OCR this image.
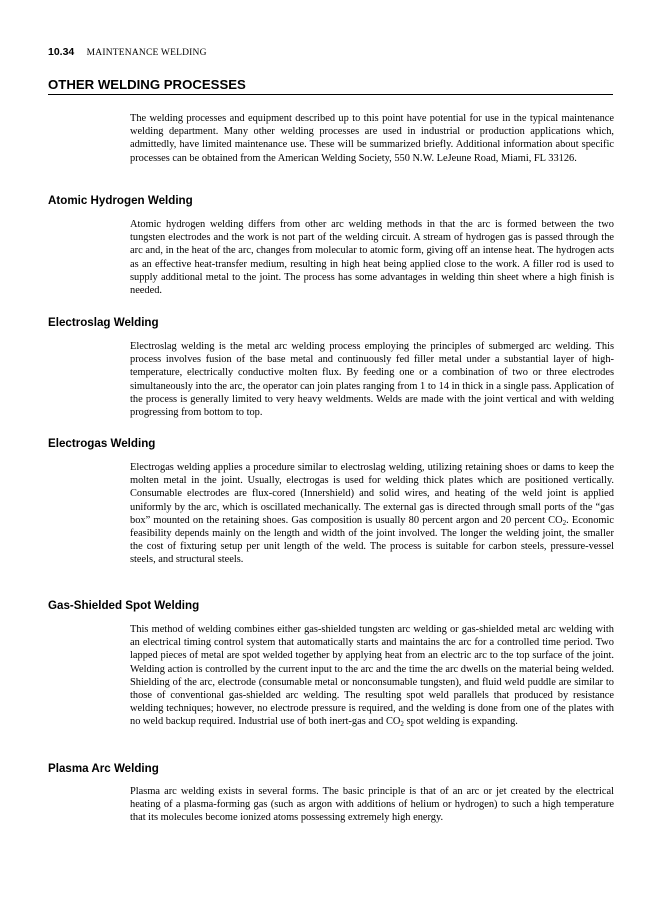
10.34 MAINTENANCE WELDING
OTHER WELDING PROCESSES

The welding processes and equipment described up to this point have potential for use in the typical maintenance welding department. Many other welding processes are used in industrial or production applications which, admittedly, have limited maintenance use. These will be summarized briefly. Additional information about specific processes can be obtained from the American Welding Society, 550 N.W. LeJeune Road, Miami, FL 33126.

Atomic Hydrogen Welding

Atomic hydrogen welding differs from other arc welding methods in that the arc is formed between the two tungsten electrodes and the work is not part of the welding circuit. A stream of hydrogen gas is passed through the arc and, in the heat of the arc, changes from molecular to atomic form, giving off an intense heat. The hydrogen acts as an effective heat-transfer medium, resulting in high heat being applied close to the work. A filler rod is used to supply additional metal to the joint. The process has some advantages in welding thin sheet where a high finish is needed.

Electroslag Welding

Electroslag welding is the metal arc welding process employing the principles of submerged arc welding. This process involves fusion of the base metal and continuously fed filler metal under a substantial layer of high-temperature, electrically conductive molten flux. By feeding one or a combination of two or three electrodes simultaneously into the arc, the operator can join plates ranging from 1 to 14 in thick in a single pass. Application of the process is generally limited to very heavy weldments. Welds are made with the joint vertical and with welding progressing from bottom to top.

Electrogas Welding

Electrogas welding applies a procedure similar to electroslag welding, utilizing retaining shoes or dams to keep the molten metal in the joint. Usually, electrogas is used for welding thick plates which are positioned vertically. Consumable electrodes are flux-cored (Innershield) and solid wires, and heating of the weld joint is applied uniformly by the arc, which is oscillated mechanically. The external gas is directed through small ports of the “gas box” mounted on the retaining shoes. Gas composition is usually 80 percent argon and 20 percent $CO_2$. Economic feasibility depends mainly on the length and width of the joint involved. The longer the welding joint, the smaller the cost of fixturing setup per unit length of the weld. The process is suitable for carbon steels, pressure-vessel steels, and structural steels.

Gas-Shielded Spot Welding

This method of welding combines either gas-shielded tungsten arc welding or gas-shielded metal arc welding with an electrical timing control system that automatically starts and maintains the arc for a controlled time period. Two lapped pieces of metal are spot welded together by applying heat from an electric arc to the top surface of the joint. Welding action is controlled by the current input to the arc and the time the arc dwells on the material being welded. Shielding of the arc, electrode (consumable metal or nonconsumable tungsten), and fluid weld puddle are similar to those of conventional gas-shielded arc welding. The resulting spot weld parallels that produced by resistance welding techniques; however, no electrode pressure is required, and the welding is done from one of the plates with no weld backup required. Industrial use of both inert-gas and $CO_2$ spot welding is expanding.

Plasma Arc Welding

Plasma arc welding exists in several forms. The basic principle is that of an arc or jet created by the electrical heating of a plasma-forming gas (such as argon with additions of helium or hydrogen) to such a high temperature that its molecules become ionized atoms possessing extremely high energy.
